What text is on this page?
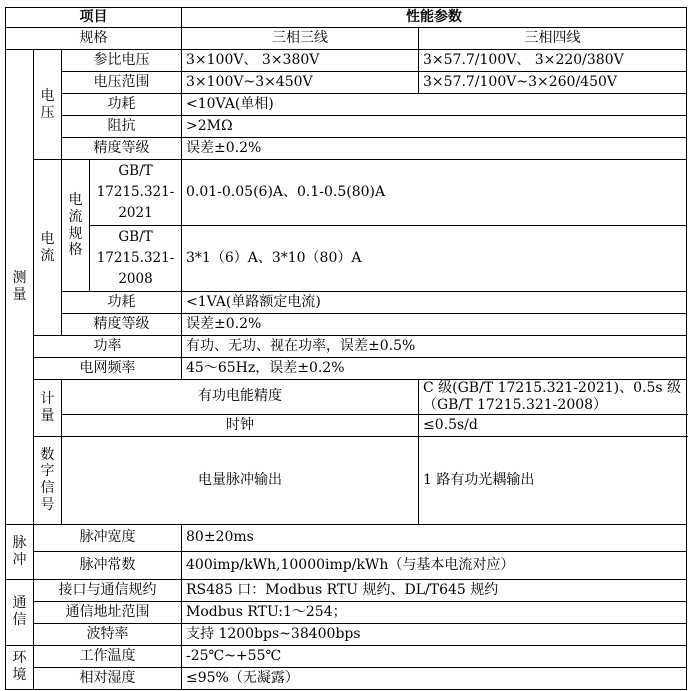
项目				性能参数	
规格				三相三线	三相四线
测量	电压	参比电压		3×100V、 3×380V	3×57.7/100V、 3×220/380V
		电压范围		3×100V~3×450V	3×57.7/100V~3×260/450V
		功耗		<10VA(单相)	
		阻抗		>2MΩ	
		精度等级		误差±0.2%	
	电流	电流规格	GB/T 17215.321-2021	0.01-0.05(6)A、0.1-0.5(80)A	
			GB/T 17215.321-2008	3*1（6）A、3*10（80）A	
		功耗		<1VA(单路额定电流)	
		精度等级		误差±0.2%	
	功率			有功、无功、视在功率，误差±0.5%	
	电网频率			45～65Hz，误差±0.2%	
	计量	有功电能精度			C 级(GB/T 17215.321-2021)、0.5s 级（GB/T 17215.321-2008）
		时钟			≤0.5s/d
	数字信号	电量脉冲输出			1 路有功光耦输出
脉冲	脉冲宽度			80±20ms	
	脉冲常数			400imp/kWh,10000imp/kWh（与基本电流对应）	
通信	接口与通信规约			RS485 口：Modbus RTU 规约、DL/T645 规约	
	通信地址范围			Modbus RTU:1～254；	
	波特率			支持 1200bps~38400bps	
环境	工作温度			-25℃~+55℃	
	相对湿度			≤95%（无凝露）	
